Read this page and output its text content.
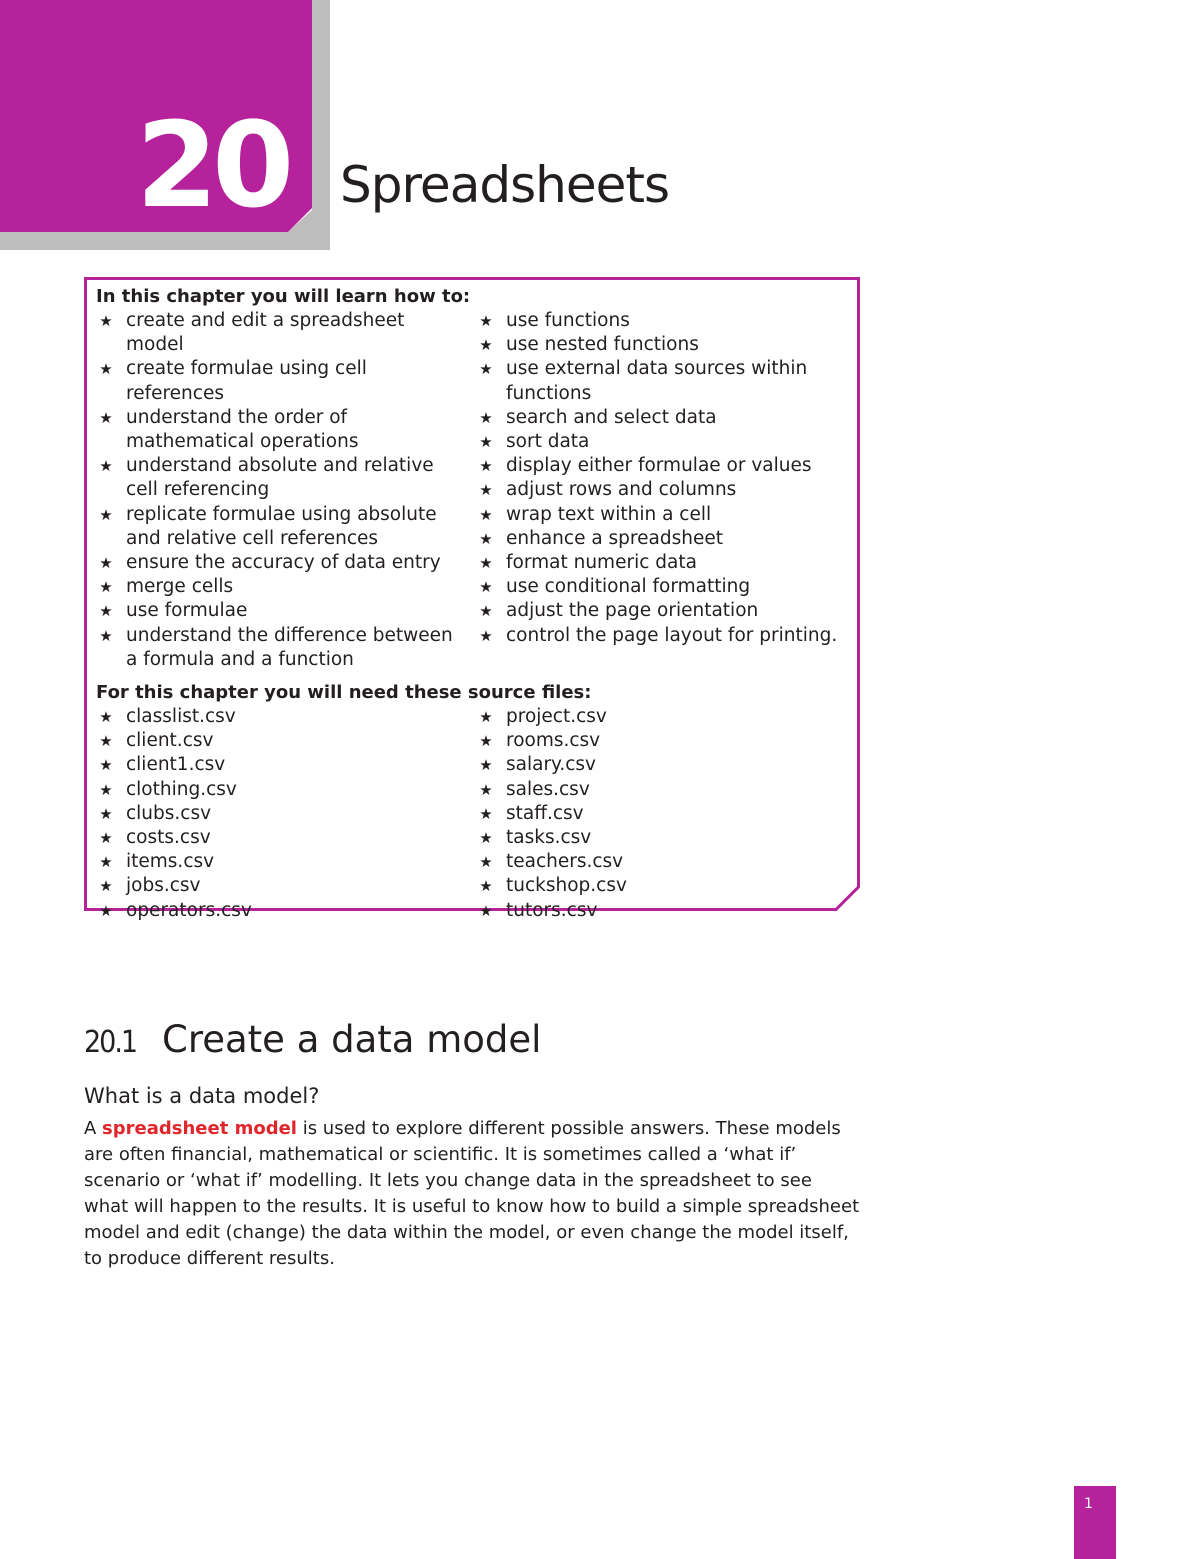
20 Spreadsheets
In this chapter you will learn how to:
★ create and edit a spreadsheet model
★ create formulae using cell references
★ understand the order of mathematical operations
★ understand absolute and relative cell referencing
★ replicate formulae using absolute and relative cell references
★ ensure the accuracy of data entry
★ merge cells
★ use formulae
★ understand the difference between a formula and a function
★ use functions
★ use nested functions
★ use external data sources within functions
★ search and select data
★ sort data
★ display either formulae or values
★ adjust rows and columns
★ wrap text within a cell
★ enhance a spreadsheet
★ format numeric data
★ use conditional formatting
★ adjust the page orientation
★ control the page layout for printing.
For this chapter you will need these source files:
★ classlist.csv
★ client.csv
★ client1.csv
★ clothing.csv
★ clubs.csv
★ costs.csv
★ items.csv
★ jobs.csv
★ operators.csv
★ project.csv
★ rooms.csv
★ salary.csv
★ sales.csv
★ staff.csv
★ tasks.csv
★ teachers.csv
★ tuckshop.csv
★ tutors.csv
20.1 Create a data model
What is a data model?

A spreadsheet model is used to explore different possible answers. These models are often financial, mathematical or scientific. It is sometimes called a ‘what if’ scenario or ‘what if’ modelling. It lets you change data in the spreadsheet to see what will happen to the results. It is useful to know how to build a simple spreadsheet model and edit (change) the data within the model, or even change the model itself, to produce different results.

1
